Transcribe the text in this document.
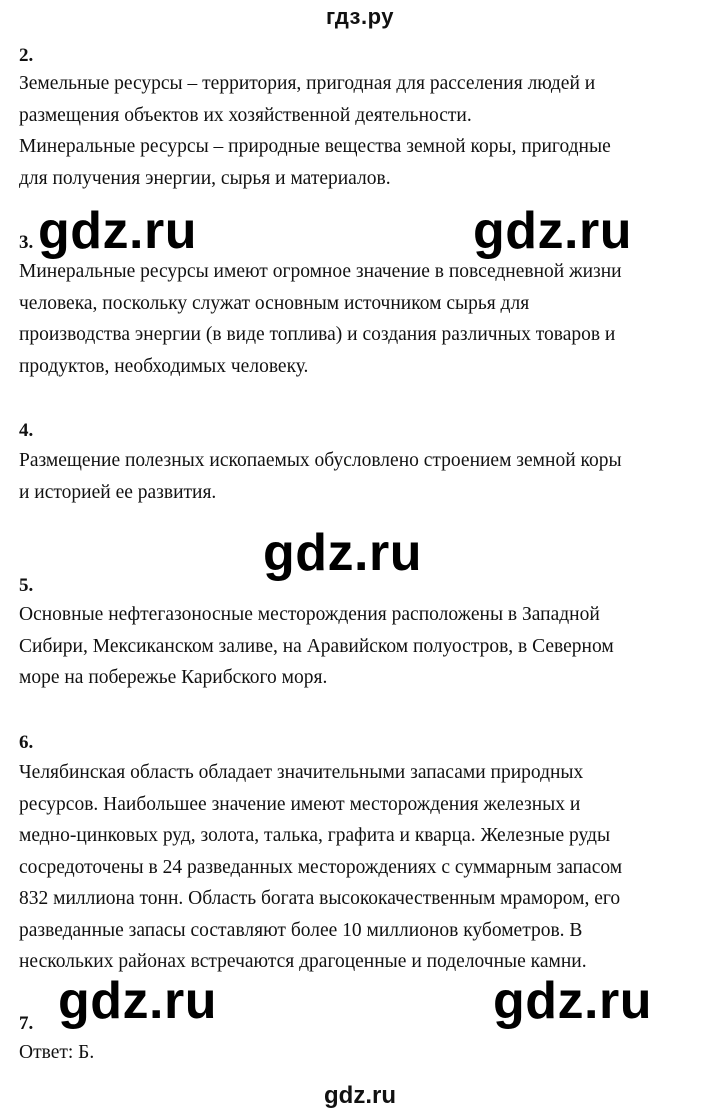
гдз.ру
2.
Земельные ресурсы – территория, пригодная для расселения людей и
размещения объектов их хозяйственной деятельности.
Минеральные ресурсы – природные вещества земной коры, пригодные
для получения энергии, сырья и материалов.
3.
Минеральные ресурсы имеют огромное значение в повседневной жизни
человека, поскольку служат основным источником сырья для
производства энергии (в виде топлива) и создания различных товаров и
продуктов, необходимых человеку.
4.
Размещение полезных ископаемых обусловлено строением земной коры
и историей ее развития.
5.
Основные нефтегазоносные месторождения расположены в Западной
Сибири, Мексиканском заливе, на Аравийском полуостров, в Северном
море на побережье Карибского моря.
6.
Челябинская область обладает значительными запасами природных
ресурсов. Наибольшее значение имеют месторождения железных и
медно-цинковых руд, золота, талька, графита и кварца. Железные руды
сосредоточены в 24 разведанных месторождениях с суммарным запасом
832 миллиона тонн. Область богата высококачественным мрамором, его
разведанные запасы составляют более 10 миллионов кубометров. В
нескольких районах встречаются драгоценные и поделочные камни.
7.
Ответ: Б.
gdz.ru	gdz.ru
gdz.ru
gdz.ru	gdz.ru
gdz.ru
